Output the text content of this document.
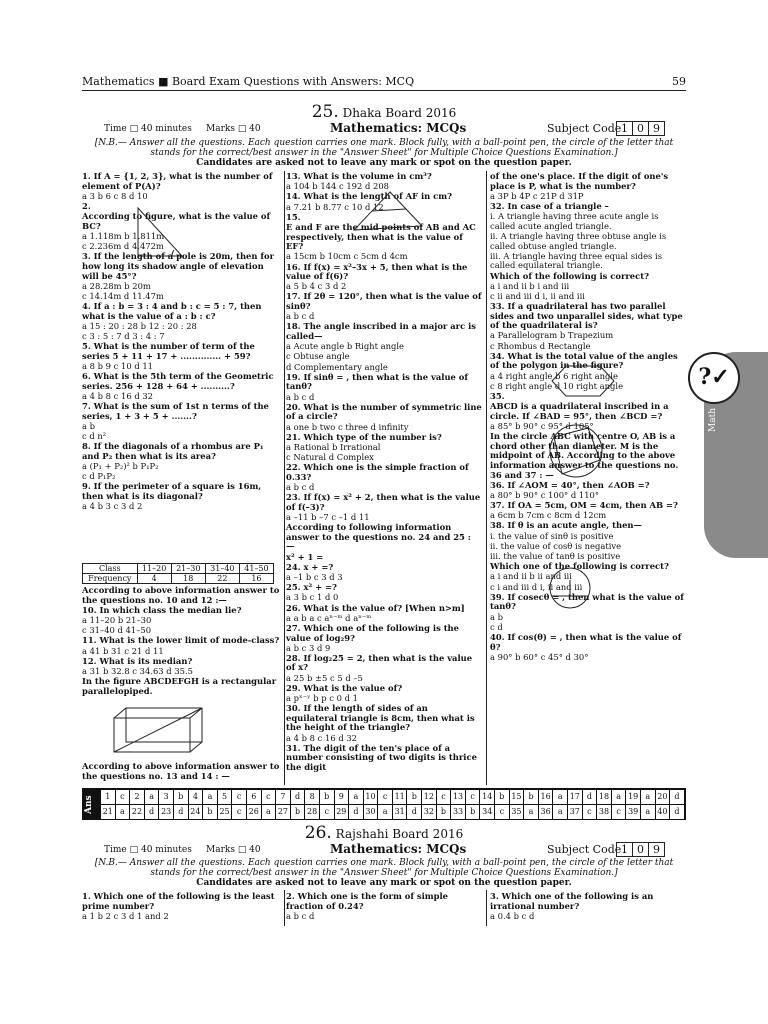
Mathematics ■ Board Exam Questions with Answers: MCQ	59
25. Dhaka Board 2016
Time □ 40 minutes Marks □ 40	Mathematics: MCQs	Subject Code 1 0 9
[N.B.— Answer all the questions. Each question carries one mark. Block fully, with a ball-point pen, the circle of the letter that stands for the correct/best answer in the "Answer Sheet" for Multiple Choice Questions Examination.]
Candidates are asked not to leave any mark or spot on the question paper.

1. If A = {1, 2, 3}, what is the number of element of P(A)?

a 3 b 6 c 8 d 10

2.

According to figure, what is the value of BC?

a 1.118m b 1.811m

c 2.236m d 4.472m

3. If the length of a pole is 20m, then for how long its shadow angle of elevation will be 45°?

a 28.28m b 20m

c 14.14m d 11.47m

4. If a : b = 3 : 4 and b : c = 5 : 7, then what is the value of a : b : c?

a 15 : 20 : 28 b 12 : 20 : 28

c 3 : 5 : 7 d 3 : 4 : 7

5. What is the number of term of the series 5 + 11 + 17 + .............. + 59?

a 8 b 9 c 10 d 11

6. What is the 5th term of the Geometric series. 256 + 128 + 64 + ..........?

a 4 b 8 c 16 d 32

7. What is the sum of 1st n terms of the series, 1 + 3 + 5 + .......?

a b

c d n²

8. If the diagonals of a rhombus are P₁ and P₂ then what is its area?

a (P₁ + P₂)² b P₁P₂

c d P₁P₂

9. If the perimeter of a square is 16m, then what is its diagonal?

a 4 b 3 c 3 d 2

Class	11–20	21–30	31–40	41–50
Frequency	4	18	22	16

According to above information answer to the questions no. 10 and 12 :—

10. In which class the median lie?

a 11–20 b 21–30

c 31–40 d 41–50

11. What is the lower limit of mode-class?

a 41 b 31 c 21 d 11

12. What is its median?

a 31 b 32.8 c 34.63 d 35.5

In the figure ABCDEFGH is a rectangular parallelopiped.

According to above information answer to the questions no. 13 and 14 : —

13. What is the volume in cm³?

a 104 b 144 c 192 d 208

14. What is the length of AF in cm?

a 7.21 b 8.77 c 10 d 12

15.

E and F are the mid points of AB and AC respectively, then what is the value of EF?

a 15cm b 10cm c 5cm d 4cm

16. If f(x) = x²–3x + 5, then what is the value of f(6)?

a 5 b 4 c 3 d 2

17. If 2θ = 120°, then what is the value of sinθ?

a b c d

18. The angle inscribed in a major arc is called—

a Acute angle b Right angle

c Obtuse angle

d Complementary angle

19. If sinθ = , then what is the value of tanθ?

a b c d

20. What is the number of symmetric line of a circle?

a one b two c three d infinity

21. Which type of the number is?

a Rational b Irrational

c Natural d Complex

22. Which one is the simple fraction of 0.33?

a b c d

23. If f(x) = x² + 2, then what is the value of f(–3)?

a –11 b –7 c –1 d 11

According to following information answer to the questions no. 24 and 25 : —

x² + 1 =

24. x + =?

a –1 b c 3 d 3

25. x² + =?

a 3 b c 1 d 0

26. What is the value of? [When n>m]

a a b a c aⁿ⁻ᵐ d aⁿ⁻ᵐ

27. Which one of the following is the value of log₂9?

a b c 3 d 9

28. If log₂25 = 2, then what is the value of x?

a 25 b ±5 c 5 d –5

29. What is the value of?

a pˣ⁻ʸ b p c 0 d 1

30. If the length of sides of an equilateral triangle is 8cm, then what is the height of the triangle?

a 4 b 8 c 16 d 32

31. The digit of the ten's place of a number consisting of two digits is thrice the digit

of the one's place. If the digit of one's place is P, what is the number?

a 3P b 4P c 21P d 31P

32. In case of a triangle –

i. A triangle having three acute angle is called acute angled triangle.

ii. A triangle having three obtuse angle is called obtuse angled triangle.

iii. A triangle having three equal sides is called equilateral triangle.

Which of the following is correct?

a i and ii b i and iii

c ii and iii d i, ii and iii

33. If a quadrilateral has two parallel sides and two unparallel sides, what type of the quadrilateral is?

a Parallelogram b Trapezium

c Rhombus d Rectangle

34. What is the total value of the angles of the polygon in the figure?

a 4 right angle b 6 right angle

c 8 right angle d 10 right angle

35.

ABCD is a quadrilateral inscribed in a circle. If ∠BAD = 95°, then ∠BCD =?

a 85° b 90° c 95° d 105°

In the circle ABC with centre O, AB is a chord other than diameter. M is the midpoint of AB. According to the above information answer to the questions no. 36 and 37 : —

36. If ∠AOM = 40°, then ∠AOB =?

a 80° b 90° c 100° d 110°

37. If OA = 5cm, OM = 4cm, then AB =?

a 6cm b 7cm c 8cm d 12cm

38. If θ is an acute angle, then—

i. the value of sinθ is positive

ii. the value of cosθ is negative

iii. the value of tanθ is positive

Which one of the following is correct?

a i and ii b ii and iii

c i and iii d i, ii and iii

39. If cosecθ = , then what is the value of tanθ?

a b

c d

40. If cos(θ) = , then what is the value of θ?

a 90° b 60° c 45° d 30°

?✓
Math
1	c	2	a	3	b	4	a	5	c	6	c	7	d	8	b	9	a	10	c	11	b	12	c	13	c	14	b	15	b	16	a	17	d	18	a	19	a	20	d
21	a	22	d	23	d	24	b	25	c	26	a	27	b	28	c	29	d	30	a	31	d	32	b	33	b	34	c	35	a	36	a	37	c	38	c	39	a	40	d
Ans
26. Rajshahi Board 2016
Time □ 40 minutes Marks □ 40	Mathematics: MCQs	Subject Code 1 0 9
[N.B.— Answer all the questions. Each question carries one mark. Block fully, with a ball-point pen, the circle of the letter that stands for the correct/best answer in the "Answer Sheet" for Multiple Choice Questions Examination.]
Candidates are asked not to leave any mark or spot on the question paper.

1. Which one of the following is the least prime number?

a 1 b 2 c 3 d 1 and 2

2. Which one is the form of simple fraction of 0.24?

a b c d

3. Which one of the following is an irrational number?

a 0.4 b c d
